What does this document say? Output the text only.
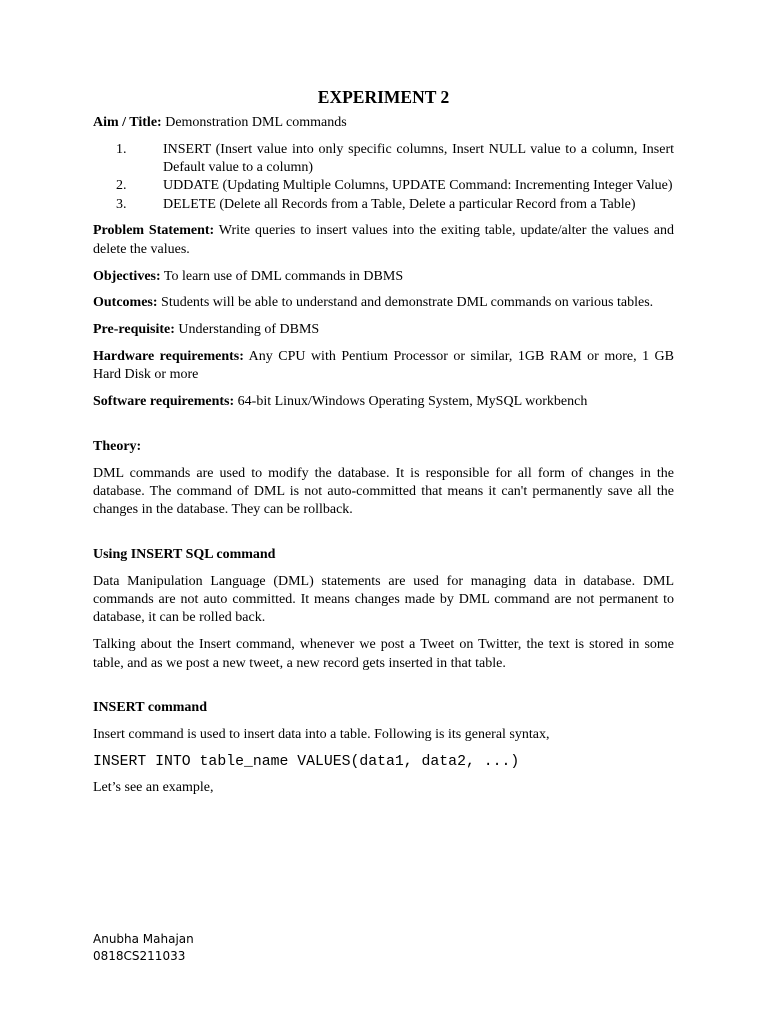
EXPERIMENT 2

Aim / Title: Demonstration DML commands

1.	INSERT (Insert value into only specific columns, Insert NULL value to a column, Insert Default value to a column)
2.	UDDATE (Updating Multiple Columns, UPDATE Command: Incrementing Integer Value)
3.	DELETE (Delete all Records from a Table, Delete a particular Record from a Table)

Problem Statement: Write queries to insert values into the exiting table, update/alter the values and delete the values.

Objectives: To learn use of DML commands in DBMS

Outcomes: Students will be able to understand and demonstrate DML commands on various tables.

Pre-requisite: Understanding of DBMS

Hardware requirements: Any CPU with Pentium Processor or similar, 1GB RAM or more, 1 GB Hard Disk or more

Software requirements: 64-bit Linux/Windows Operating System, MySQL workbench

Theory:

DML commands are used to modify the database. It is responsible for all form of changes in the database. The command of DML is not auto-committed that means it can't permanently save all the changes in the database. They can be rollback.

Using INSERT SQL command

Data Manipulation Language (DML) statements are used for managing data in database. DML commands are not auto committed. It means changes made by DML command are not permanent to database, it can be rolled back.

Talking about the Insert command, whenever we post a Tweet on Twitter, the text is stored in some table, and as we post a new tweet, a new record gets inserted in that table.

INSERT command

Insert command is used to insert data into a table. Following is its general syntax,

INSERT INTO table_name VALUES(data1, data2, ...)

Let’s see an example,

Anubha Mahajan
0818CS211033
